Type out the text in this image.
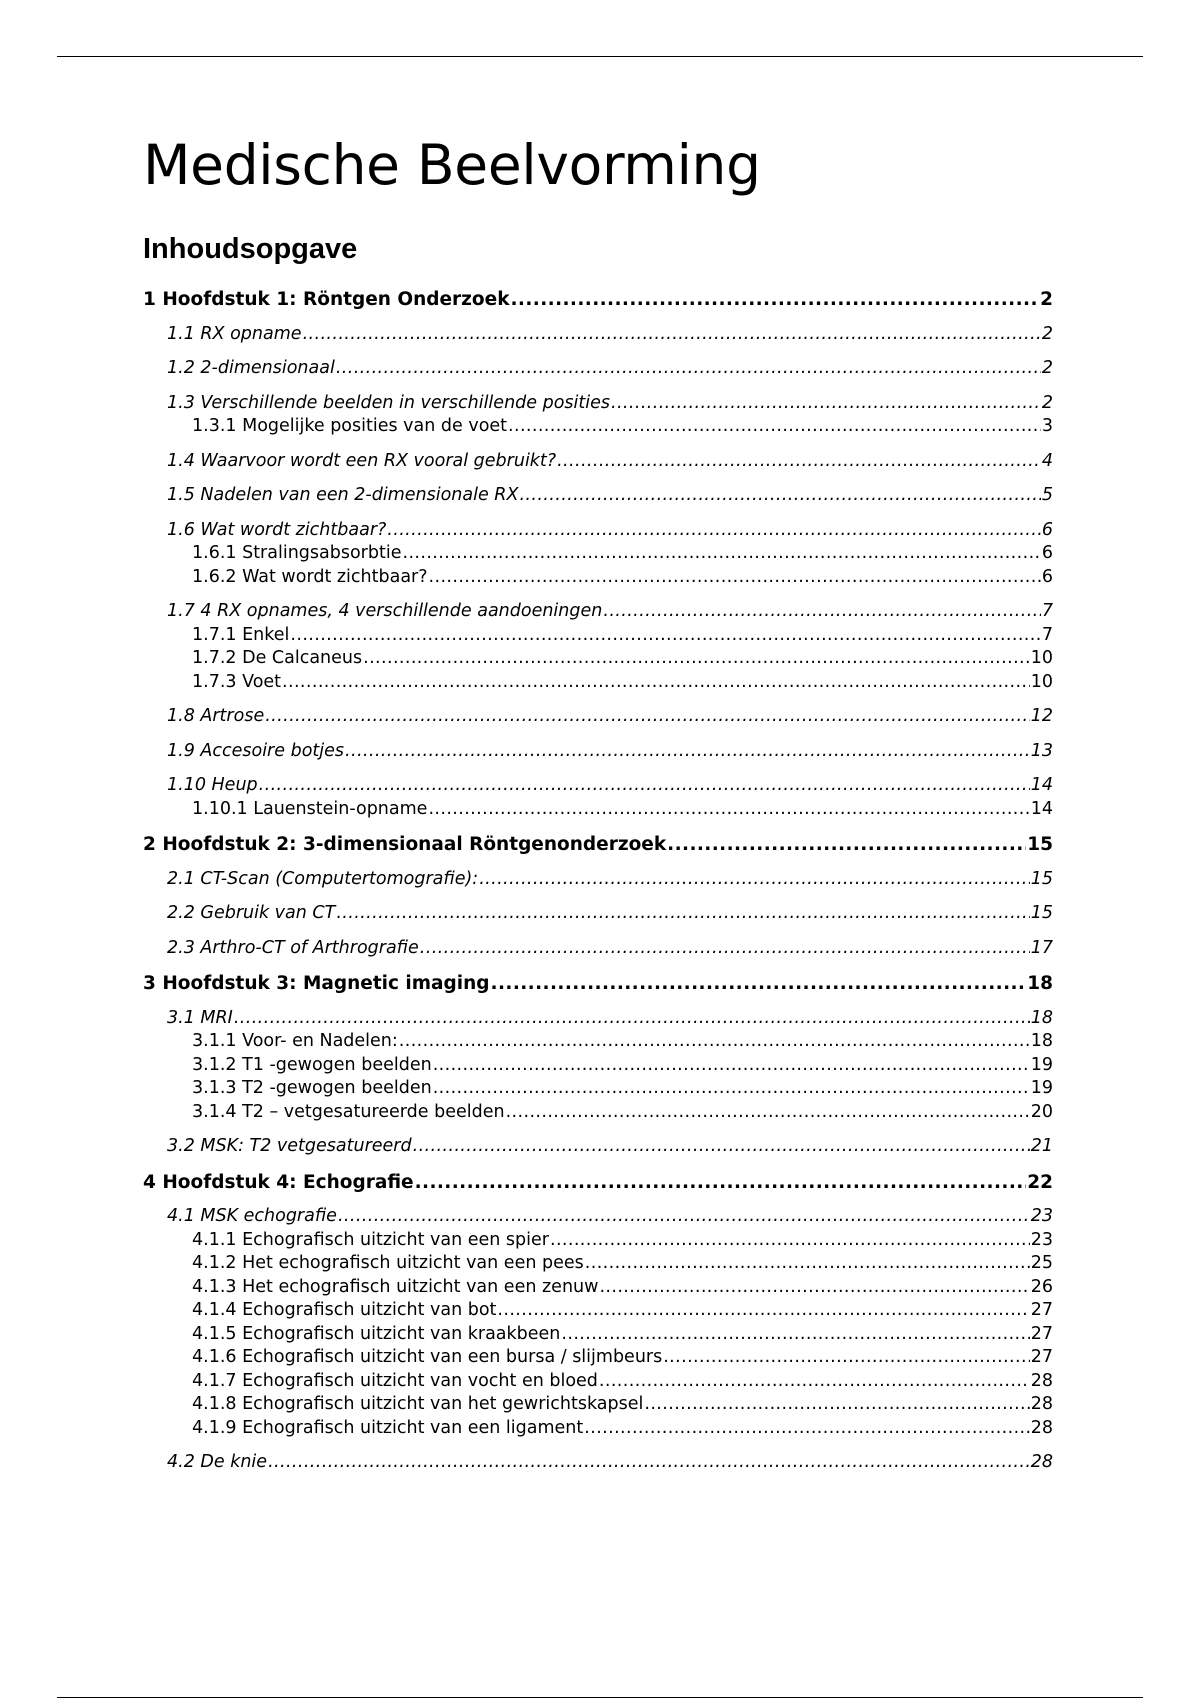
Medische Beelvorming
Inhoudsopgave
1 Hoofdstuk 1: Röntgen Onderzoek .....	2
1.1 RX opname .....	2
1.2 2-dimensionaal .....	2
1.3 Verschillende beelden in verschillende posities .....	2
1.3.1 Mogelijke posities van de voet .....	3
1.4 Waarvoor wordt een RX vooral gebruikt? .....	4
1.5 Nadelen van een 2-dimensionale RX .....	5
1.6 Wat wordt zichtbaar? .....	6
1.6.1 Stralingsabsorbtie .....	6
1.6.2 Wat wordt zichtbaar? .....	6
1.7 4 RX opnames, 4 verschillende aandoeningen .....	7
1.7.1 Enkel .....	7
1.7.2 De Calcaneus .....	10
1.7.3 Voet .....	10
1.8 Artrose .....	12
1.9 Accesoire botjes .....	13
1.10 Heup .....	14
1.10.1 Lauenstein-opname .....	14
2 Hoofdstuk 2: 3-dimensionaal Röntgenonderzoek .....	15
2.1 CT-Scan (Computertomografie): .....	15
2.2 Gebruik van CT .....	15
2.3 Arthro-CT of Arthrografie .....	17
3 Hoofdstuk 3: Magnetic imaging .....	18
3.1 MRI .....	18
3.1.1 Voor- en Nadelen: .....	18
3.1.2 T1 -gewogen beelden .....	19
3.1.3 T2 -gewogen beelden .....	19
3.1.4 T2 – vetgesatureerde beelden .....	20
3.2 MSK: T2 vetgesatureerd .....	21
4 Hoofdstuk 4: Echografie .....	22
4.1 MSK echografie .....	23
4.1.1 Echografisch uitzicht van een spier .....	23
4.1.2 Het echografisch uitzicht van een pees .....	25
4.1.3 Het echografisch uitzicht van een zenuw .....	26
4.1.4 Echografisch uitzicht van bot .....	27
4.1.5 Echografisch uitzicht van kraakbeen .....	27
4.1.6 Echografisch uitzicht van een bursa / slijmbeurs .....	27
4.1.7 Echografisch uitzicht van vocht en bloed .....	28
4.1.8 Echografisch uitzicht van het gewrichtskapsel .....	28
4.1.9 Echografisch uitzicht van een ligament .....	28
4.2 De knie .....	28
